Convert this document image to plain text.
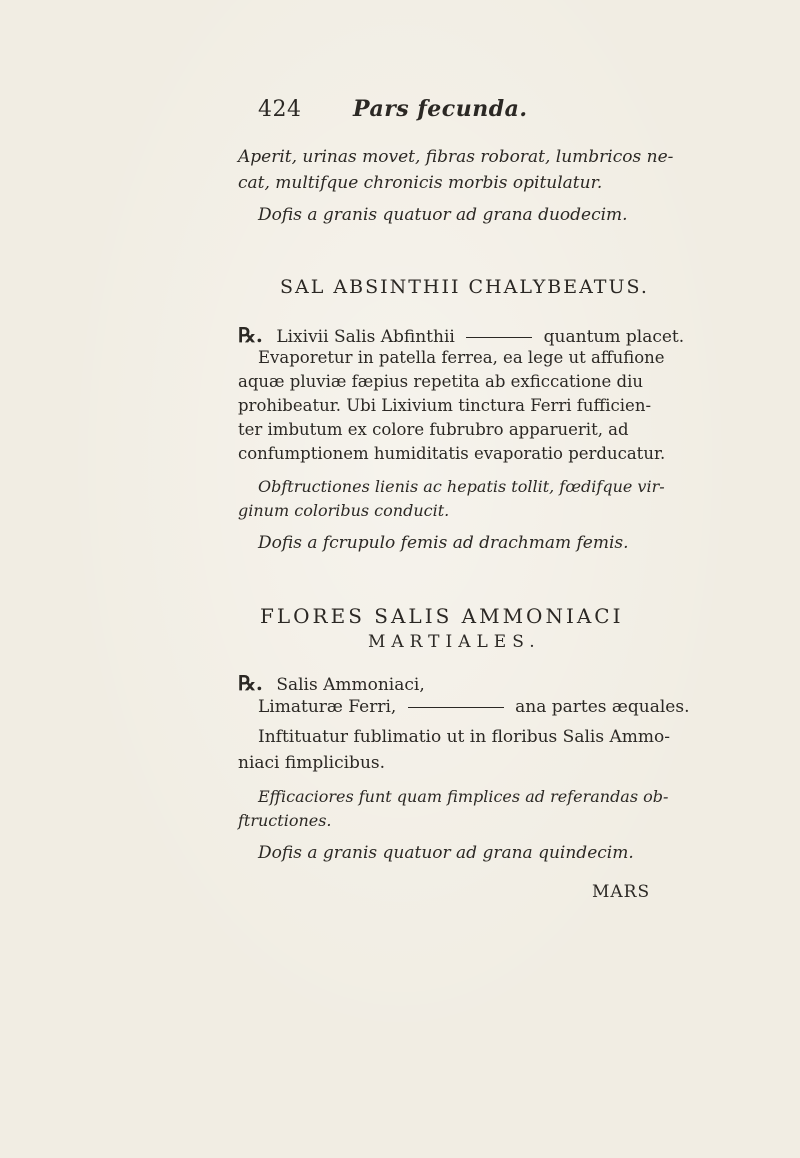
424 Pars fecunda.
Aperit, urinas movet, fibras roborat, lumbricos ne-
cat, multifque chronicis morbis opitulatur.
Dofis a granis quatuor ad grana duodecim.
SAL ABSINTHII CHALYBEATUS.
℞. Lixivii Salis Abfinthii	quantum placet.
Evaporetur in patella ferrea, ea lege ut affufione
aquæ pluviæ fæpius repetita ab exficcatione diu
prohibeatur. Ubi Lixivium tinctura Ferri fufficien-
ter imbutum ex colore fubrubro apparuerit, ad
confumptionem humiditatis evaporatio perducatur.
Obftructiones lienis ac hepatis tollit, fœdifque vir-
ginum coloribus conducit.
Dofis a fcrupulo femis ad drachmam femis.
FLORES SALIS AMMONIACI
MARTIALES.
℞. Salis Ammoniaci,
Limaturæ Ferri,	ana partes æquales.
Inftituatur fublimatio ut in floribus Salis Ammo-
niaci fimplicibus.
Efficaciores funt quam fimplices ad referandas ob-
ftructiones.
Dofis a granis quatuor ad grana quindecim.
MARS
